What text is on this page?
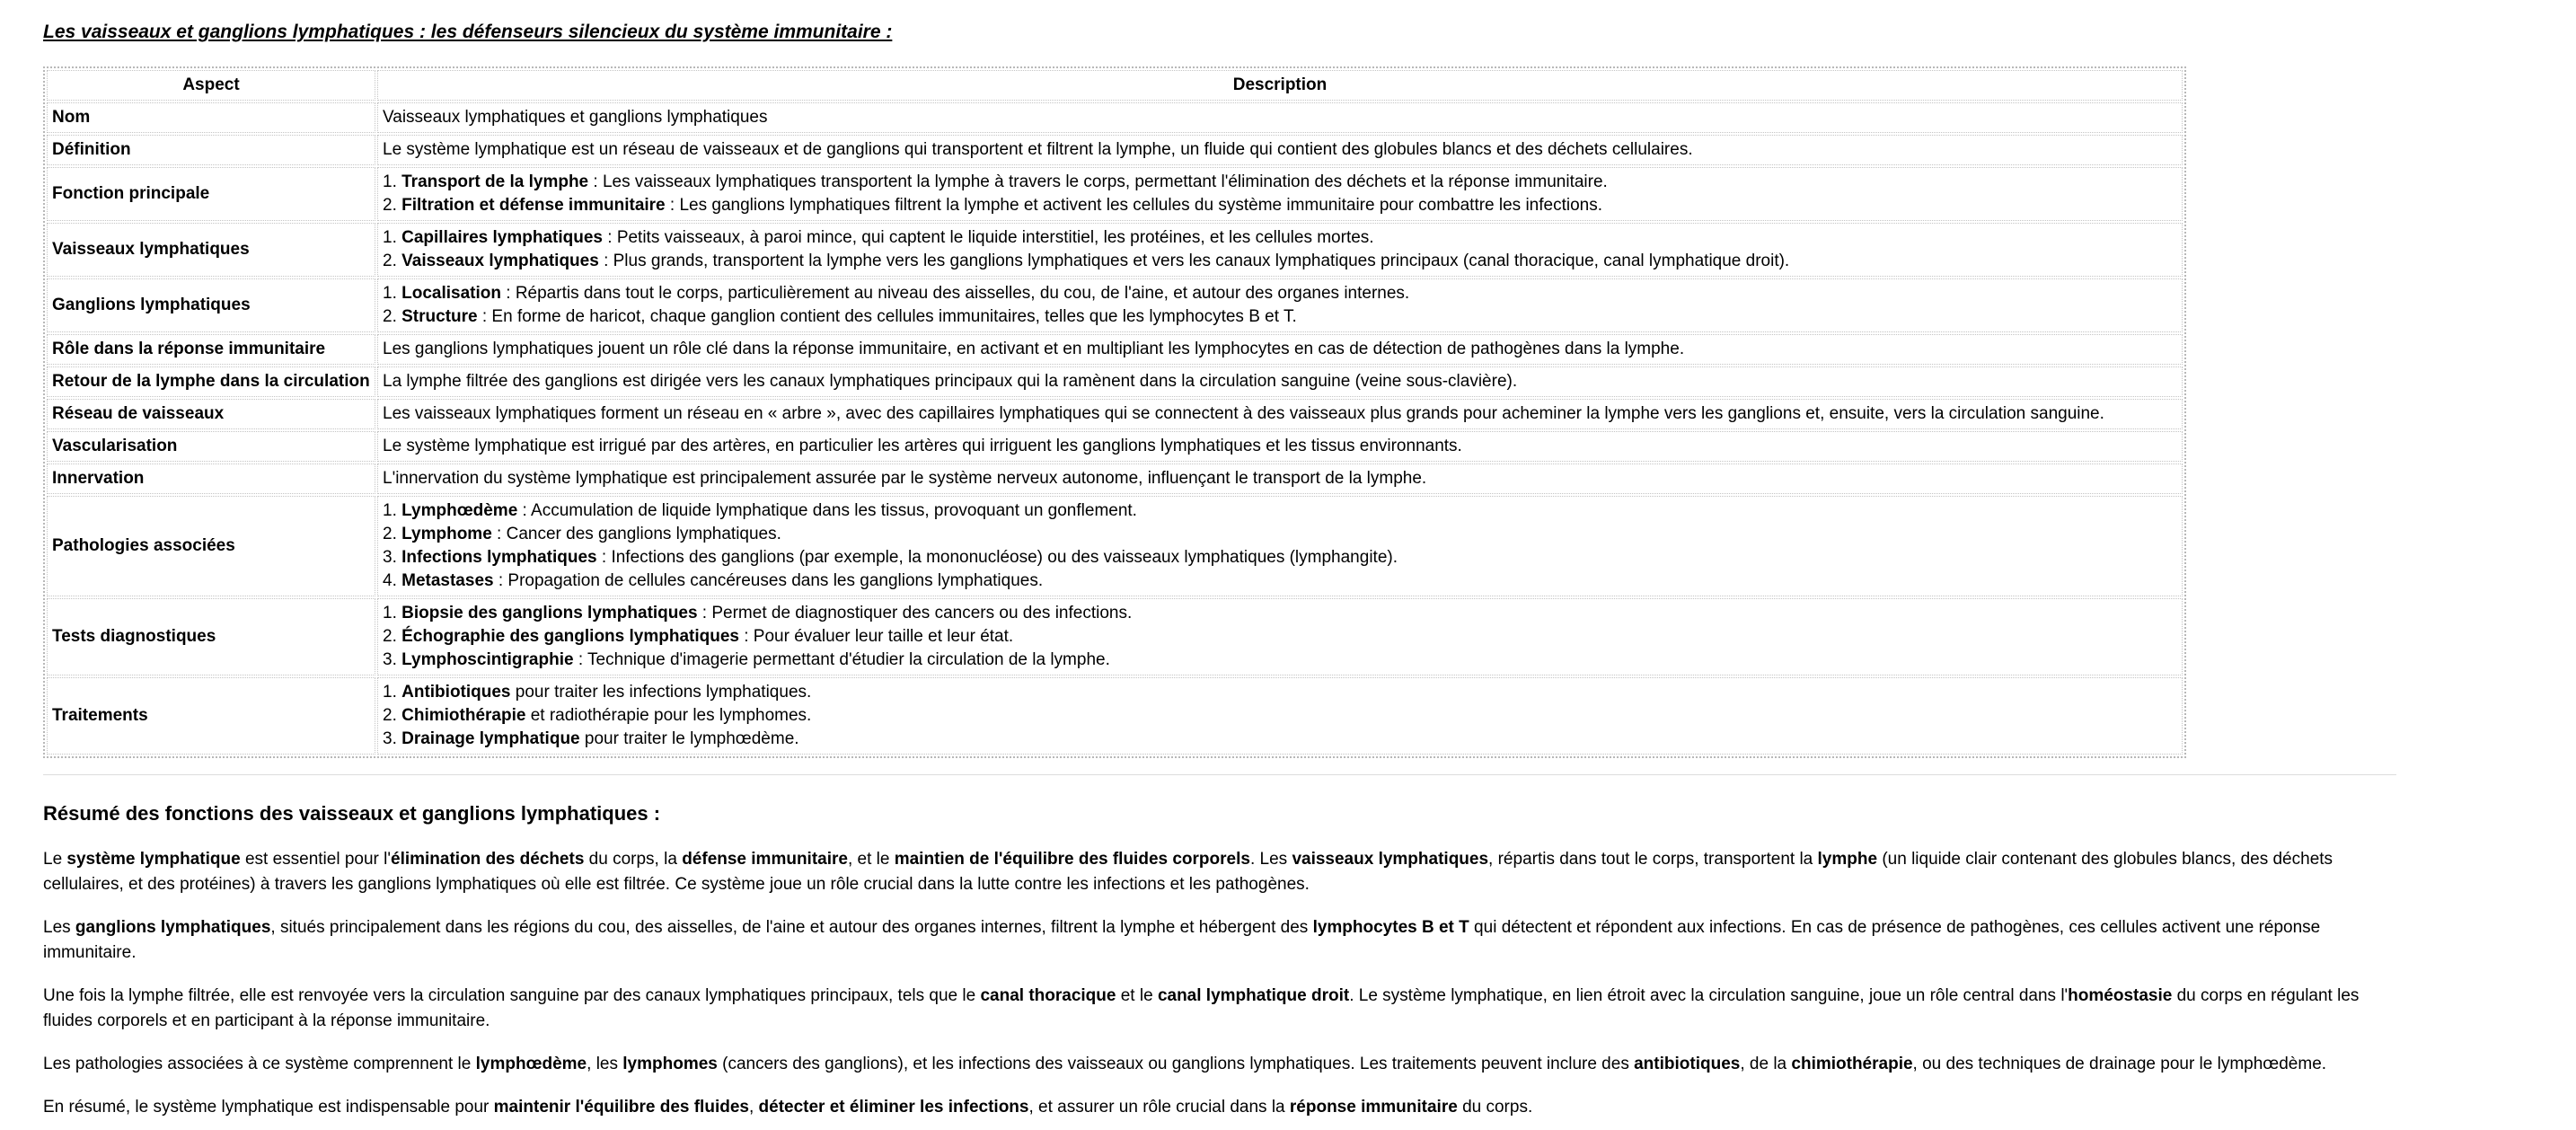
Les vaisseaux et ganglions lymphatiques : les défenseurs silencieux du système immunitaire :
Aspect	Description
Nom	Vaisseaux lymphatiques et ganglions lymphatiques

Définition	Le système lymphatique est un réseau de vaisseaux et de ganglions qui transportent et filtrent la lymphe, un fluide qui contient des globules blancs et des déchets cellulaires.

Fonction principale	1. Transport de la lymphe : Les vaisseaux lymphatiques transportent la lymphe à travers le corps, permettant l'élimination des déchets et la réponse immunitaire.
2. Filtration et défense immunitaire : Les ganglions lymphatiques filtrent la lymphe et activent les cellules du système immunitaire pour combattre les infections.

Vaisseaux lymphatiques	1. Capillaires lymphatiques : Petits vaisseaux, à paroi mince, qui captent le liquide interstitiel, les protéines, et les cellules mortes.
2. Vaisseaux lymphatiques : Plus grands, transportent la lymphe vers les ganglions lymphatiques et vers les canaux lymphatiques principaux (canal thoracique, canal lymphatique droit).

Ganglions lymphatiques	1. Localisation : Répartis dans tout le corps, particulièrement au niveau des aisselles, du cou, de l'aine, et autour des organes internes.
2. Structure : En forme de haricot, chaque ganglion contient des cellules immunitaires, telles que les lymphocytes B et T.

Rôle dans la réponse immunitaire	Les ganglions lymphatiques jouent un rôle clé dans la réponse immunitaire, en activant et en multipliant les lymphocytes en cas de détection de pathogènes dans la lymphe.

Retour de la lymphe dans la circulation	La lymphe filtrée des ganglions est dirigée vers les canaux lymphatiques principaux qui la ramènent dans la circulation sanguine (veine sous-clavière).

Réseau de vaisseaux	Les vaisseaux lymphatiques forment un réseau en « arbre », avec des capillaires lymphatiques qui se connectent à des vaisseaux plus grands pour acheminer la lymphe vers les ganglions et, ensuite, vers la circulation sanguine.

Vascularisation	Le système lymphatique est irrigué par des artères, en particulier les artères qui irriguent les ganglions lymphatiques et les tissus environnants.

Innervation	L'innervation du système lymphatique est principalement assurée par le système nerveux autonome, influençant le transport de la lymphe.

Pathologies associées	1. Lymphœdème : Accumulation de liquide lymphatique dans les tissus, provoquant un gonflement.
2. Lymphome : Cancer des ganglions lymphatiques.
3. Infections lymphatiques : Infections des ganglions (par exemple, la mononucléose) ou des vaisseaux lymphatiques (lymphangite).
4. Metastases : Propagation de cellules cancéreuses dans les ganglions lymphatiques.

Tests diagnostiques	1. Biopsie des ganglions lymphatiques : Permet de diagnostiquer des cancers ou des infections.
2. Échographie des ganglions lymphatiques : Pour évaluer leur taille et leur état.
3. Lymphoscintigraphie : Technique d'imagerie permettant d'étudier la circulation de la lymphe.

Traitements	1. Antibiotiques pour traiter les infections lymphatiques.
2. Chimiothérapie et radiothérapie pour les lymphomes.
3. Drainage lymphatique pour traiter le lymphœdème.
Résumé des fonctions des vaisseaux et ganglions lymphatiques :

Le système lymphatique est essentiel pour l'élimination des déchets du corps, la défense immunitaire, et le maintien de l'équilibre des fluides corporels. Les vaisseaux lymphatiques, répartis dans tout le corps, transportent la lymphe (un liquide clair contenant des globules blancs, des déchets cellulaires, et des protéines) à travers les ganglions lymphatiques où elle est filtrée. Ce système joue un rôle crucial dans la lutte contre les infections et les pathogènes.

Les ganglions lymphatiques, situés principalement dans les régions du cou, des aisselles, de l'aine et autour des organes internes, filtrent la lymphe et hébergent des lymphocytes B et T qui détectent et répondent aux infections. En cas de présence de pathogènes, ces cellules activent une réponse immunitaire.

Une fois la lymphe filtrée, elle est renvoyée vers la circulation sanguine par des canaux lymphatiques principaux, tels que le canal thoracique et le canal lymphatique droit. Le système lymphatique, en lien étroit avec la circulation sanguine, joue un rôle central dans l'homéostasie du corps en régulant les fluides corporels et en participant à la réponse immunitaire.

Les pathologies associées à ce système comprennent le lymphœdème, les lymphomes (cancers des ganglions), et les infections des vaisseaux ou ganglions lymphatiques. Les traitements peuvent inclure des antibiotiques, de la chimiothérapie, ou des techniques de drainage pour le lymphœdème.

En résumé, le système lymphatique est indispensable pour maintenir l'équilibre des fluides, détecter et éliminer les infections, et assurer un rôle crucial dans la réponse immunitaire du corps.
